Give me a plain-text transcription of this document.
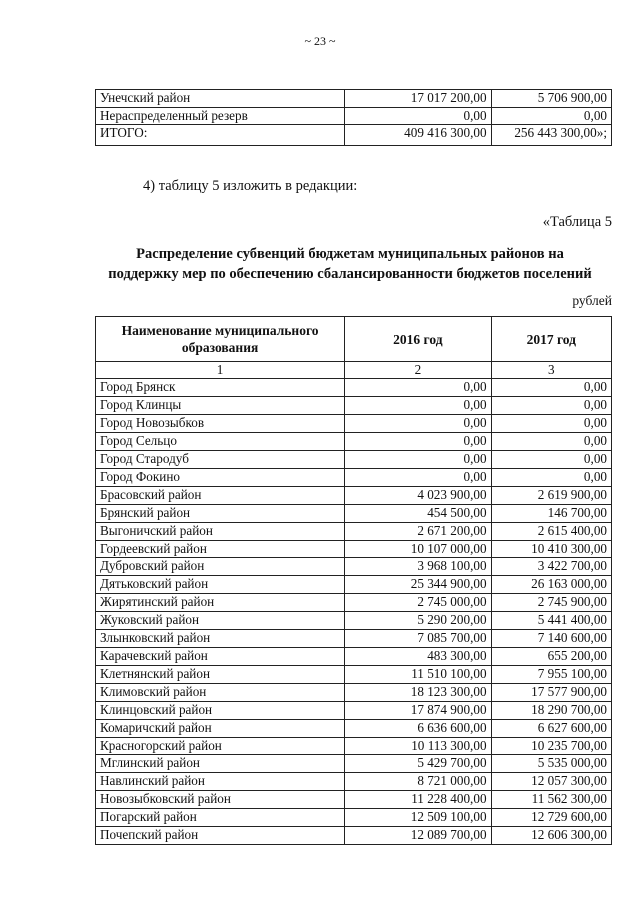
~ 23 ~
Унечский район	17 017 200,00	5 706 900,00
Нераспределенный резерв	0,00	0,00
ИТОГО:	409 416 300,00	256 443 300,00»;
4) таблицу 5 изложить в редакции:
«Таблица 5
Распределение субвенций бюджетам муниципальных районов на
поддержку мер по обеспечению сбалансированности бюджетов поселений
рублей
Наименование муниципального образования	2016 год	2017 год
1	2	3
Город Брянск	0,00	0,00
Город Клинцы	0,00	0,00
Город Новозыбков	0,00	0,00
Город Сельцо	0,00	0,00
Город Стародуб	0,00	0,00
Город Фокино	0,00	0,00
Брасовский район	4 023 900,00	2 619 900,00
Брянский район	454 500,00	146 700,00
Выгоничский район	2 671 200,00	2 615 400,00
Гордеевский район	10 107 000,00	10 410 300,00
Дубровский район	3 968 100,00	3 422 700,00
Дятьковский район	25 344 900,00	26 163 000,00
Жирятинский район	2 745 000,00	2 745 900,00
Жуковский район	5 290 200,00	5 441 400,00
Злынковский район	7 085 700,00	7 140 600,00
Карачевский район	483 300,00	655 200,00
Клетнянский район	11 510 100,00	7 955 100,00
Климовский район	18 123 300,00	17 577 900,00
Клинцовский район	17 874 900,00	18 290 700,00
Комаричский район	6 636 600,00	6 627 600,00
Красногорский район	10 113 300,00	10 235 700,00
Мглинский район	5 429 700,00	5 535 000,00
Навлинский район	8 721 000,00	12 057 300,00
Новозыбковский район	11 228 400,00	11 562 300,00
Погарский район	12 509 100,00	12 729 600,00
Почепский район	12 089 700,00	12 606 300,00
